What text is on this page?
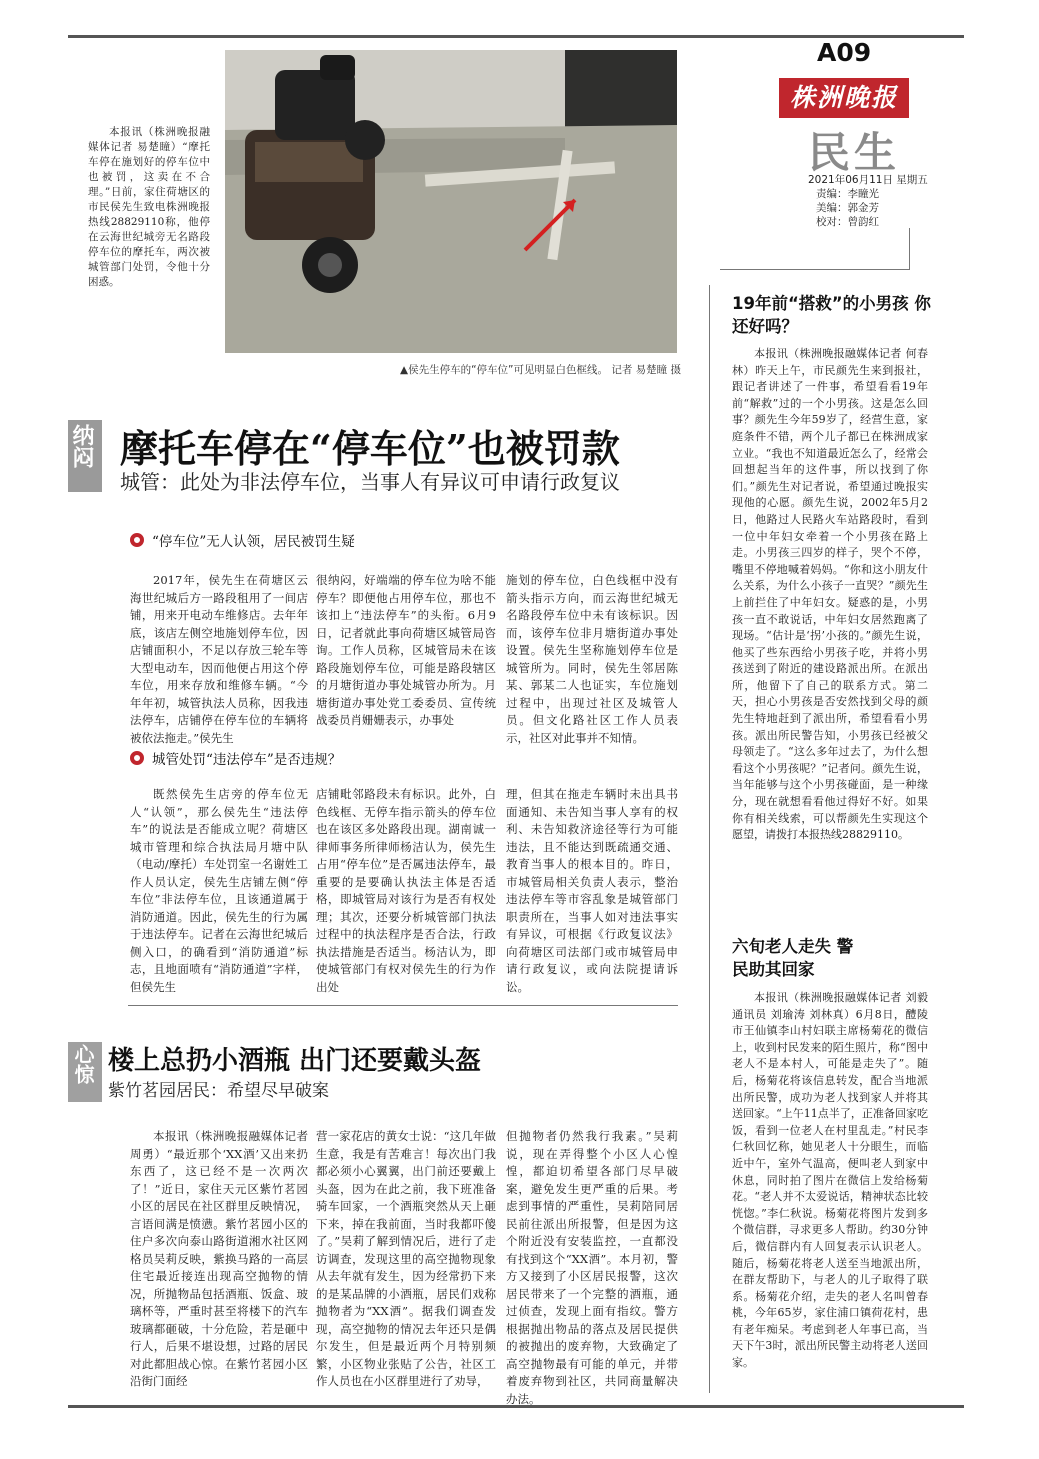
A09
株洲晚报
民生
2021年06月11日 星期五
责编：李瞳光
美编：郭金芳
校对：曾韵红
本报讯（株洲晚报融媒体记者 易楚瞳）“摩托车停在施划好的停车位中也被罚，这卖在不合理。”日前，家住荷塘区的市民侯先生致电株洲晚报热线28829110称，他停在云海世纪城旁无名路段停车位的摩托车，两次被城管部门处罚，令他十分困惑。
▲侯先生停车的“停车位”可见明显白色框线。 记者 易楚瞳 摄
纳闷 摩托车停在“停车位”也被罚款
城管：此处为非法停车位，当事人有异议可申请行政复议
“停车位”无人认领，居民被罚生疑
2017年，侯先生在荷塘区云海世纪城后方一路段租用了一间店铺，用来开电动车维修店。去年年底，该店左侧空地施划停车位，因店铺面积小，不足以存放三轮车等大型电动车，因而他便占用这个停车位，用来存放和维修车辆。“今年年初，城管执法人员称，因我违法停车，店铺停在停车位的车辆将被依法拖走。”侯先生
很纳闷，好端端的停车位为啥不能停车？即便他占用停车位，那也不该扣上“违法停车”的头衔。6月9日，记者就此事向荷塘区城管局咨询。工作人员称，区城管局未在该路段施划停车位，可能是路段辖区的月塘街道办事处城管办所为。月塘街道办事处党工委委员、宣传统战委员肖姗姗表示，办事处
施划的停车位，白色线框中没有箭头指示方向，而云海世纪城无名路段停车位中未有该标识。因而，该停车位非月塘街道办事处设置。侯先生坚称施划停车位是城管所为。同时，侯先生邻居陈某、郭某二人也证实，车位施划过程中，出现过社区及城管人员。但文化路社区工作人员表示，社区对此事并不知情。
城管处罚“违法停车”是否违规？
既然侯先生店旁的停车位无人“认领”，那么侯先生“违法停车”的说法是否能成立呢？荷塘区城市管理和综合执法局月塘中队（电动/摩托）车处罚室一名谢姓工作人员认定，侯先生店铺左侧“停车位”非法停车位，且该通道属于消防通道。因此，侯先生的行为属于违法停车。记者在云海世纪城后侧入口，的确看到“消防通道”标志，且地面喷有“消防通道”字样，但侯先生
店铺毗邻路段未有标识。此外，白色线框、无停车指示箭头的停车位也在该区多处路段出现。湖南诚一律师事务所律师杨洁认为，侯先生占用“停车位”是否属违法停车，最重要的是要确认执法主体是否适格，即城管局对该行为是否有权处理；其次，还要分析城管部门执法过程中的执法程序是否合法，行政执法措施是否适当。杨洁认为，即使城管部门有权对侯先生的行为作出处
理，但其在拖走车辆时未出具书面通知、未告知当事人享有的权利、未告知救济途径等行为可能违法，且不能达到既疏通交通、教育当事人的根本目的。昨日，市城管局相关负责人表示，整治违法停车等市容乱象是城管部门职责所在，当事人如对违法事实有异议，可根据《行政复议法》向荷塘区司法部门或市城管局申请行政复议，或向法院提请诉讼。
心惊 楼上总扔小酒瓶 出门还要戴头盔
紫竹茗园居民：希望尽早破案
本报讯（株洲晚报融媒体记者 周勇）“最近那个‘XX酒’又出来扔东西了，这已经不是一次两次了！”近日，家住天元区紫竹茗园小区的居民在社区群里反映情况，言语间满是愤懑。紫竹茗园小区的住户多次向泰山路街道湘水社区网格员吴莉反映，紫换马路的一高层住宅最近接连出现高空抛物的情况，所抛物品包括酒瓶、饭盒、玻璃杯等，严重时甚至将楼下的汽车玻璃都砸破，十分危险，若是砸中行人，后果不堪设想，过路的居民对此都胆战心惊。在紫竹茗园小区沿街门面经
营一家花店的黄女士说：“这几年做生意，我是有苦难言！每次出门我都必须小心翼翼，出门前还要戴上头盔，因为在此之前，我下班准备骑车回家，一个酒瓶突然从天上砸下来，掉在我前面，当时我都吓傻了。”吴莉了解到情况后，进行了走访调查，发现这里的高空抛物现象从去年就有发生，因为经常扔下来的是某品牌的小酒瓶，居民们戏称抛物者为“XX酒”。据我们调查发现，高空抛物的情况去年还只是偶尔发生，但是最近两个月特别频繁，小区物业张贴了公告，社区工作人员也在小区群里进行了劝导，
但抛物者仍然我行我素。”吴莉说，现在弄得整个小区人心惶惶，都迫切希望各部门尽早破案，避免发生更严重的后果。考虑到事情的严重性，吴莉陪同居民前往派出所报警，但是因为这个附近没有安装监控，一直都没有找到这个“XX酒”。本月初，警方又接到了小区居民报警，这次居民带来了一个完整的酒瓶，通过侦查，发现上面有指纹。警方根据抛出物品的落点及居民提供的被抛出的废弃物，大致确定了高空抛物最有可能的单元，并带着废弃物到社区，共同商量解决办法。
19年前“搭救”的小男孩 你还好吗？
本报讯（株洲晚报融媒体记者 何春林）昨天上午，市民颜先生来到报社，跟记者讲述了一件事，希望看看19年前“解救”过的一个小男孩。这是怎么回事？颜先生今年59岁了，经营生意，家庭条件不错，两个儿子都已在株洲成家立业。“我也不知道最近怎么了，经常会回想起当年的这件事，所以找到了你们。”颜先生对记者说，希望通过晚报实现他的心愿。颜先生说，2002年5月2日，他路过人民路火车站路段时，看到一位中年妇女牵着一个小男孩在路上走。小男孩三四岁的样子，哭个不停，嘴里不停地喊着妈妈。“你和这小朋友什么关系，为什么小孩子一直哭？”颜先生上前拦住了中年妇女。疑惑的是，小男孩一直不敢说话，中年妇女居然跑离了现场。“估计是‘拐’小孩的。”颜先生说，他买了些东西给小男孩子吃，并将小男孩送到了附近的建设路派出所。在派出所，他留下了自己的联系方式。第二天，担心小男孩是否安然找到父母的颜先生特地赶到了派出所，希望看看小男孩。派出所民警告知，小男孩已经被父母领走了。“这么多年过去了，为什么想看这个小男孩呢？”记者问。颜先生说，当年能够与这个小男孩碰面，是一种缘分，现在就想看看他过得好不好。如果你有相关线索，可以帮颜先生实现这个愿望，请拨打本报热线28829110。
六旬老人走失 警民助其回家
本报讯（株洲晚报融媒体记者 刘毅 通讯员 刘瑜涛 刘林真）6月8日，醴陵市王仙镇李山村妇联主席杨菊花的微信上，收到村民发来的陌生照片，称“图中老人不是本村人，可能是走失了”。随后，杨菊花将该信息转发，配合当地派出所民警，成功为老人找到家人并将其送回家。“上午11点半了，正准备回家吃饭，看到一位老人在村里乱走。”村民李仁秋回忆称，她见老人十分眼生，而临近中午，室外气温高，便叫老人到家中休息，同时拍了图片在微信上发给杨菊花。“老人并不太爱说话，精神状态比较恍惚。”李仁秋说。杨菊花将图片发到多个微信群，寻求更多人帮助。约30分钟后，微信群内有人回复表示认识老人。随后，杨菊花将老人送至当地派出所，在群友帮助下，与老人的儿子取得了联系。杨菊花介绍，走失的老人名叫曾春桃，今年65岁，家住浦口镇荷花村，患有老年痴呆。考虑到老人年事已高，当天下午3时，派出所民警主动将老人送回家。
